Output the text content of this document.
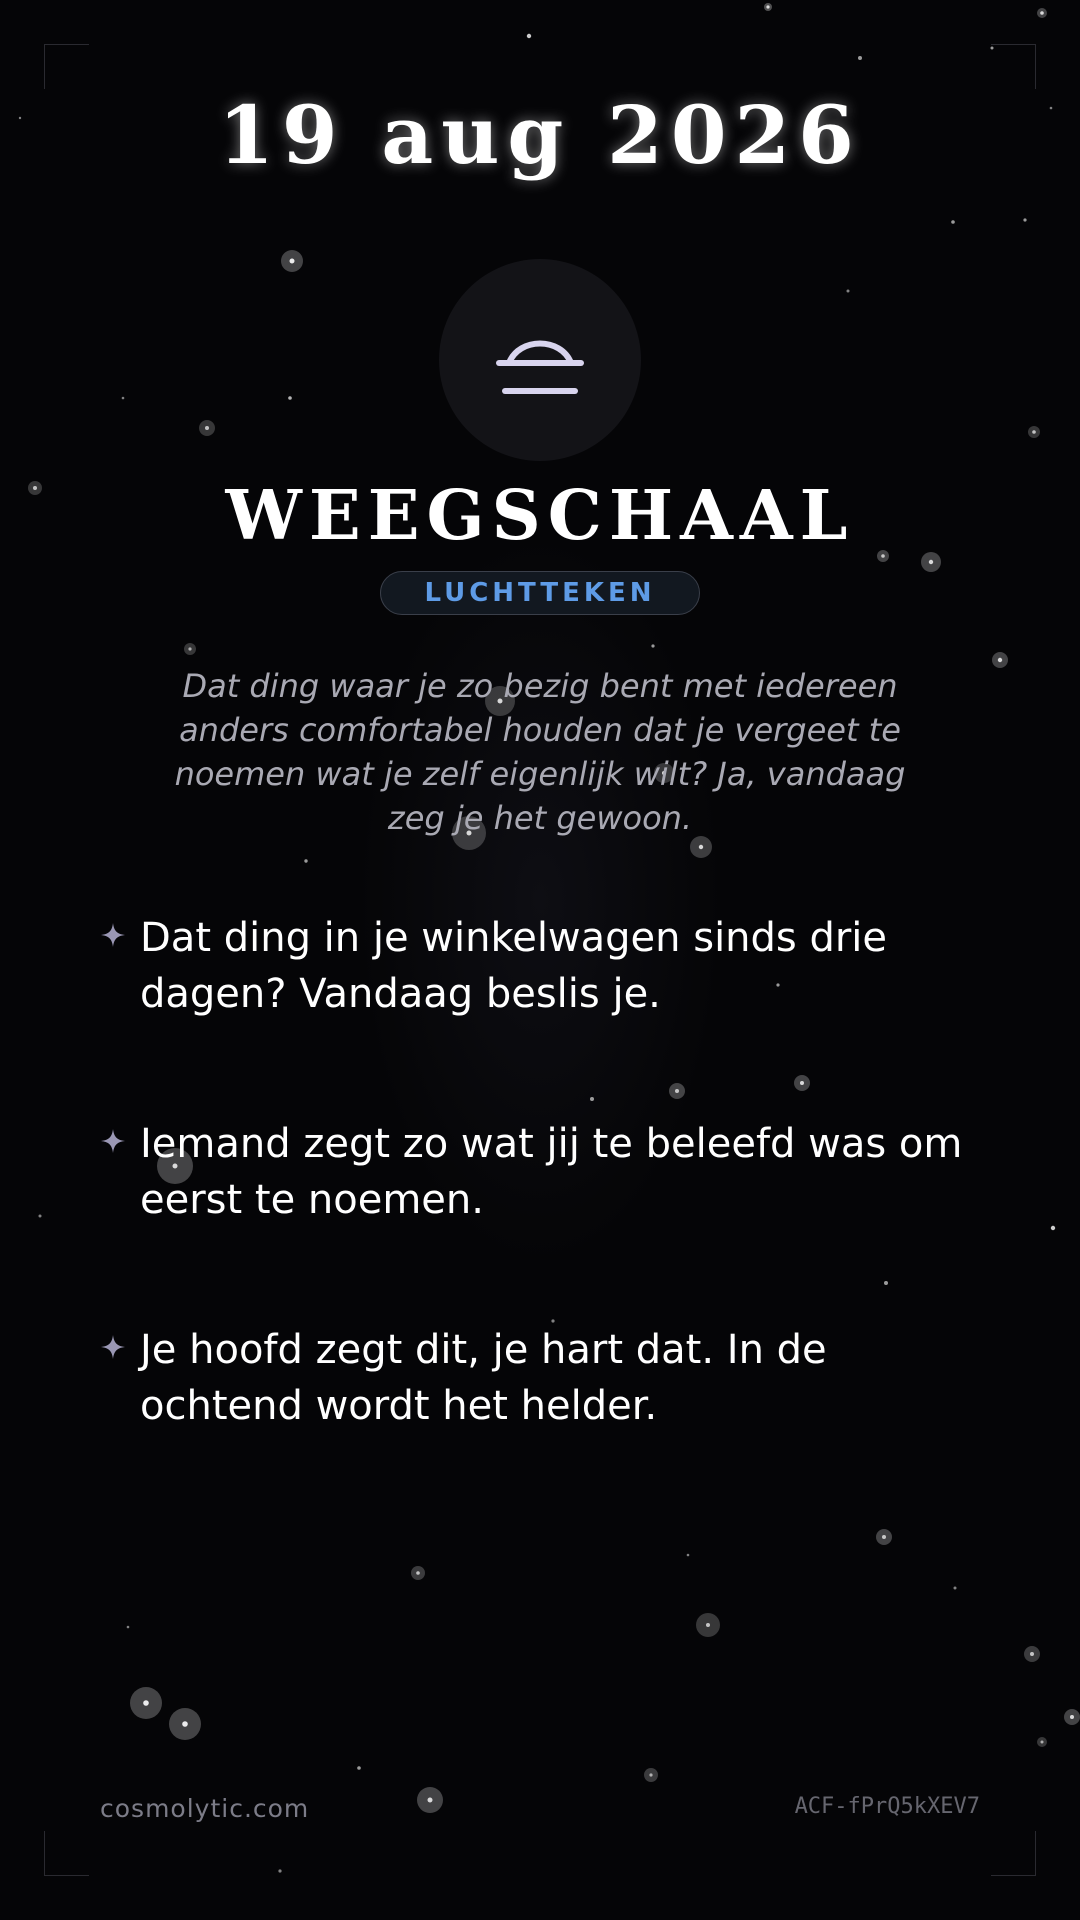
19 aug 2026
WEEGSCHAAL
LUCHTTEKEN
Dat ding waar je zo bezig bent met iedereen anders comfortabel houden dat je vergeet te noemen wat je zelf eigenlijk wilt? Ja, vandaag zeg je het gewoon.
Dat ding in je winkelwagen sinds drie dagen? Vandaag beslis je.
Iemand zegt zo wat jij te beleefd was om eerst te noemen.
Je hoofd zegt dit, je hart dat. In de ochtend wordt het helder.
cosmolytic.com	ACF-fPrQ5kXEV7
